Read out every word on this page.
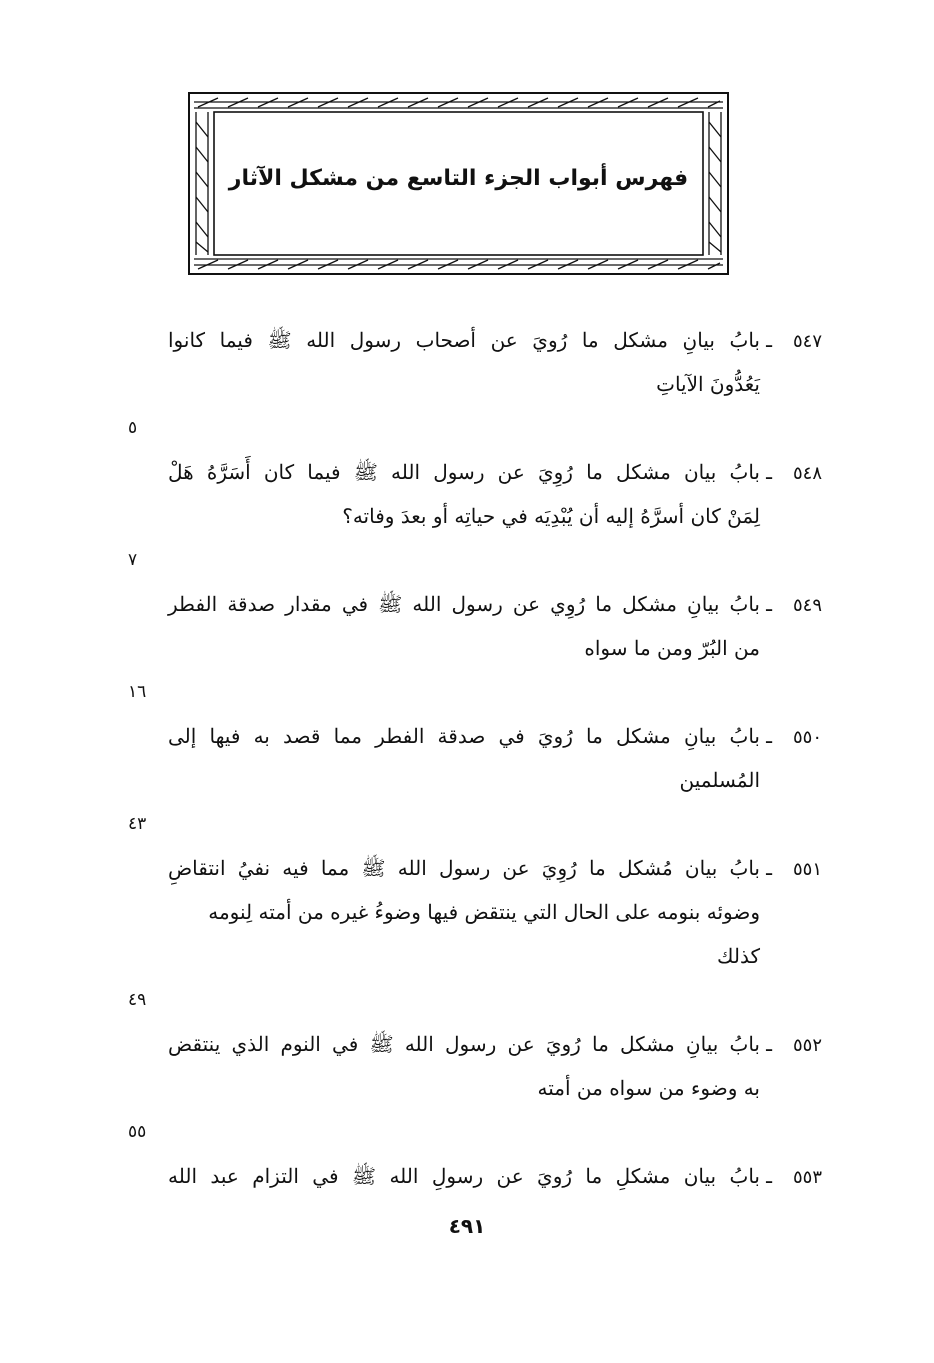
فهرس أبواب الجزء التاسع من مشكل الآثار
٥٤٧
ـ
بابُ بيانِ مشكل ما رُويَ عن أصحاب رسول الله ﷺ فيما كانوا
يَعُدُّونَ الآياتِ
٥
٥٤٨
ـ
بابُ بيان مشكل ما رُوِيَ عن رسول الله ﷺ فيما كان أَسَرَّهُ هَلْ
لِمَنْ كان أسرَّهُ إليه أن يُبْدِيَه في حياتِه أو بعدَ وفاته؟
٧
٥٤٩
ـ
بابُ بيانِ مشكل ما رُوِي عن رسول الله ﷺ في مقدار صدقة الفطر
من البُرّ ومن ما سواه
١٦
٥٥٠
ـ
بابُ بيانِ مشكل ما رُويَ في صدقة الفطر مما قصد به فيها إلى
المُسلمين
٤٣
٥٥١
ـ
بابُ بيان مُشكل ما رُوِيَ عن رسول الله ﷺ مما فيه نفيُ انتقاضِ
وضوئه بنومه على الحال التي ينتقض فيها وضوءُ غيره من أمته لِنومه
كذلك
٤٩
٥٥٢
ـ
بابُ بيانِ مشكل ما رُويَ عن رسول الله ﷺ في النوم الذي ينتقض
به وضوء من سواه من أمته
٥٥
٥٥٣
ـ
بابُ بيان مشكلِ ما رُويَ عن رسولِ الله ﷺ في التزام عبد الله
٤٩١
